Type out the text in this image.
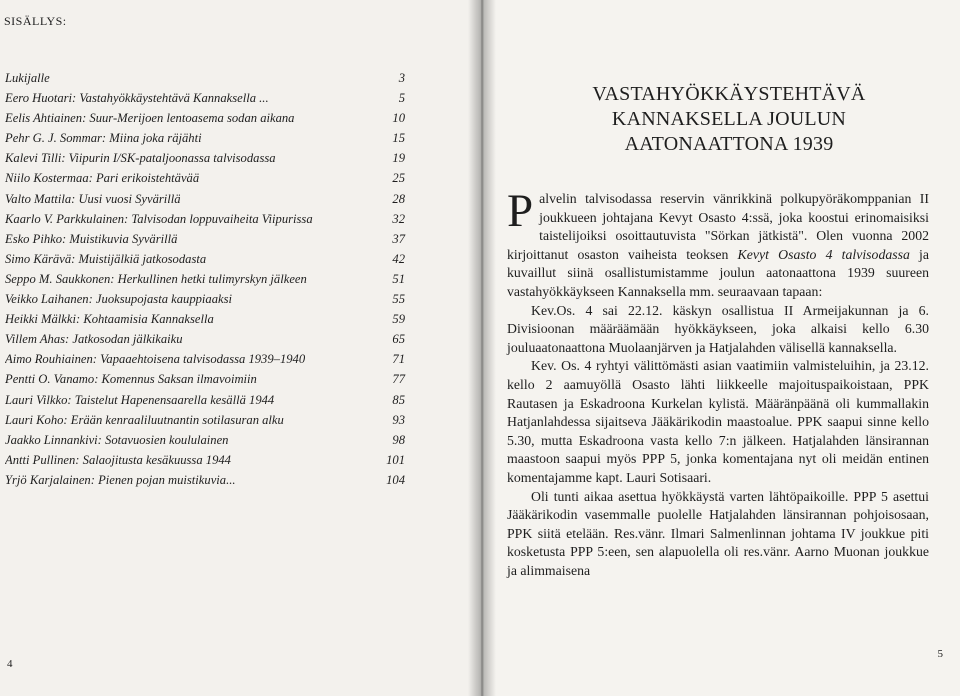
SISÄLLYS:
Lukijalle	3
Eero Huotari: Vastahyökkäystehtävä Kannaksella ...	5
Eelis Ahtiainen: Suur-Merijoen lentoasema sodan aikana	10
Pehr G. J. Sommar: Miina joka räjähti	15
Kalevi Tilli: Viipurin I/SK-pataljoonassa talvisodassa	19
Niilo Kostermaa: Pari erikoistehtävää	25
Valto Mattila: Uusi vuosi Syvärillä	28
Kaarlo V. Parkkulainen: Talvisodan loppuvaiheita Viipurissa	32
Esko Pihko: Muistikuvia Syvärillä	37
Simo Kärävä: Muistijälkiä jatkosodasta	42
Seppo M. Saukkonen: Herkullinen hetki tulimyrskyn jälkeen	51
Veikko Laihanen: Juoksupojasta kauppiaaksi	55
Heikki Mälkki: Kohtaamisia Kannaksella	59
Villem Ahas: Jatkosodan jälkikaiku	65
Aimo Rouhiainen: Vapaaehtoisena talvisodassa 1939–1940	71
Pentti O. Vanamo: Komennus Saksan ilmavoimiin	77
Lauri Vilkko: Taistelut Hapenensaarella kesällä 1944	85
Lauri Koho: Erään kenraaliluutnantin sotilasuran alku	93
Jaakko Linnankivi: Sotavuosien koululainen	98
Antti Pullinen: Salaojitusta kesäkuussa 1944	101
Yrjö Karjalainen: Pienen pojan muistikuvia...	104
4
VASTAHYÖKKÄYSTEHTÄVÄ
KANNAKSELLA JOULUN
AATONAATTONA 1939

Palvelin talvisodassa reservin vänrikkinä polkupyöräkomppanian II joukkueen johtajana Kevyt Osasto 4:ssä, joka koostui erinomaisiksi taistelijoiksi osoittautuvista "Sörkan jätkistä". Olen vuonna 2002 kirjoittanut osaston vaiheista teoksen Kevyt Osasto 4 talvisodassa ja kuvaillut siinä osallistumistamme joulun aatonaattona 1939 suureen vastahyökkäykseen Kannaksella mm. seuraavaan tapaan:

Kev.Os. 4 sai 22.12. käskyn osallistua II Armeijakunnan ja 6. Divisioonan määräämään hyökkäykseen, joka alkaisi kello 6.30 jouluaatonaattona Muolaanjärven ja Hatjalahden välisellä kannaksella.

Kev. Os. 4 ryhtyi välittömästi asian vaatimiin valmisteluihin, ja 23.12. kello 2 aamuyöllä Osasto lähti liikkeelle majoituspaikoistaan, PPK Rautasen ja Eskadroona Kurkelan kylistä. Määränpäänä oli kummallakin Hatjanlahdessa sijaitseva Jääkärikodin maastoalue. PPK saapui sinne kello 5.30, mutta Eskadroona vasta kello 7:n jälkeen. Hatjalahden länsirannan maastoon saapui myös PPP 5, jonka komentajana nyt oli meidän entinen komentajamme kapt. Lauri Sotisaari.

Oli tunti aikaa asettua hyökkäystä varten lähtöpaikoille. PPP 5 asettui Jääkärikodin vasemmalle puolelle Hatjalahden länsirannan pohjoisosaan, PPK siitä etelään. Res.vänr. Ilmari Salmenlinnan johtama IV joukkue piti kosketusta PPP 5:een, sen alapuolella oli res.vänr. Aarno Muonan joukkue ja alimmaisena

5
